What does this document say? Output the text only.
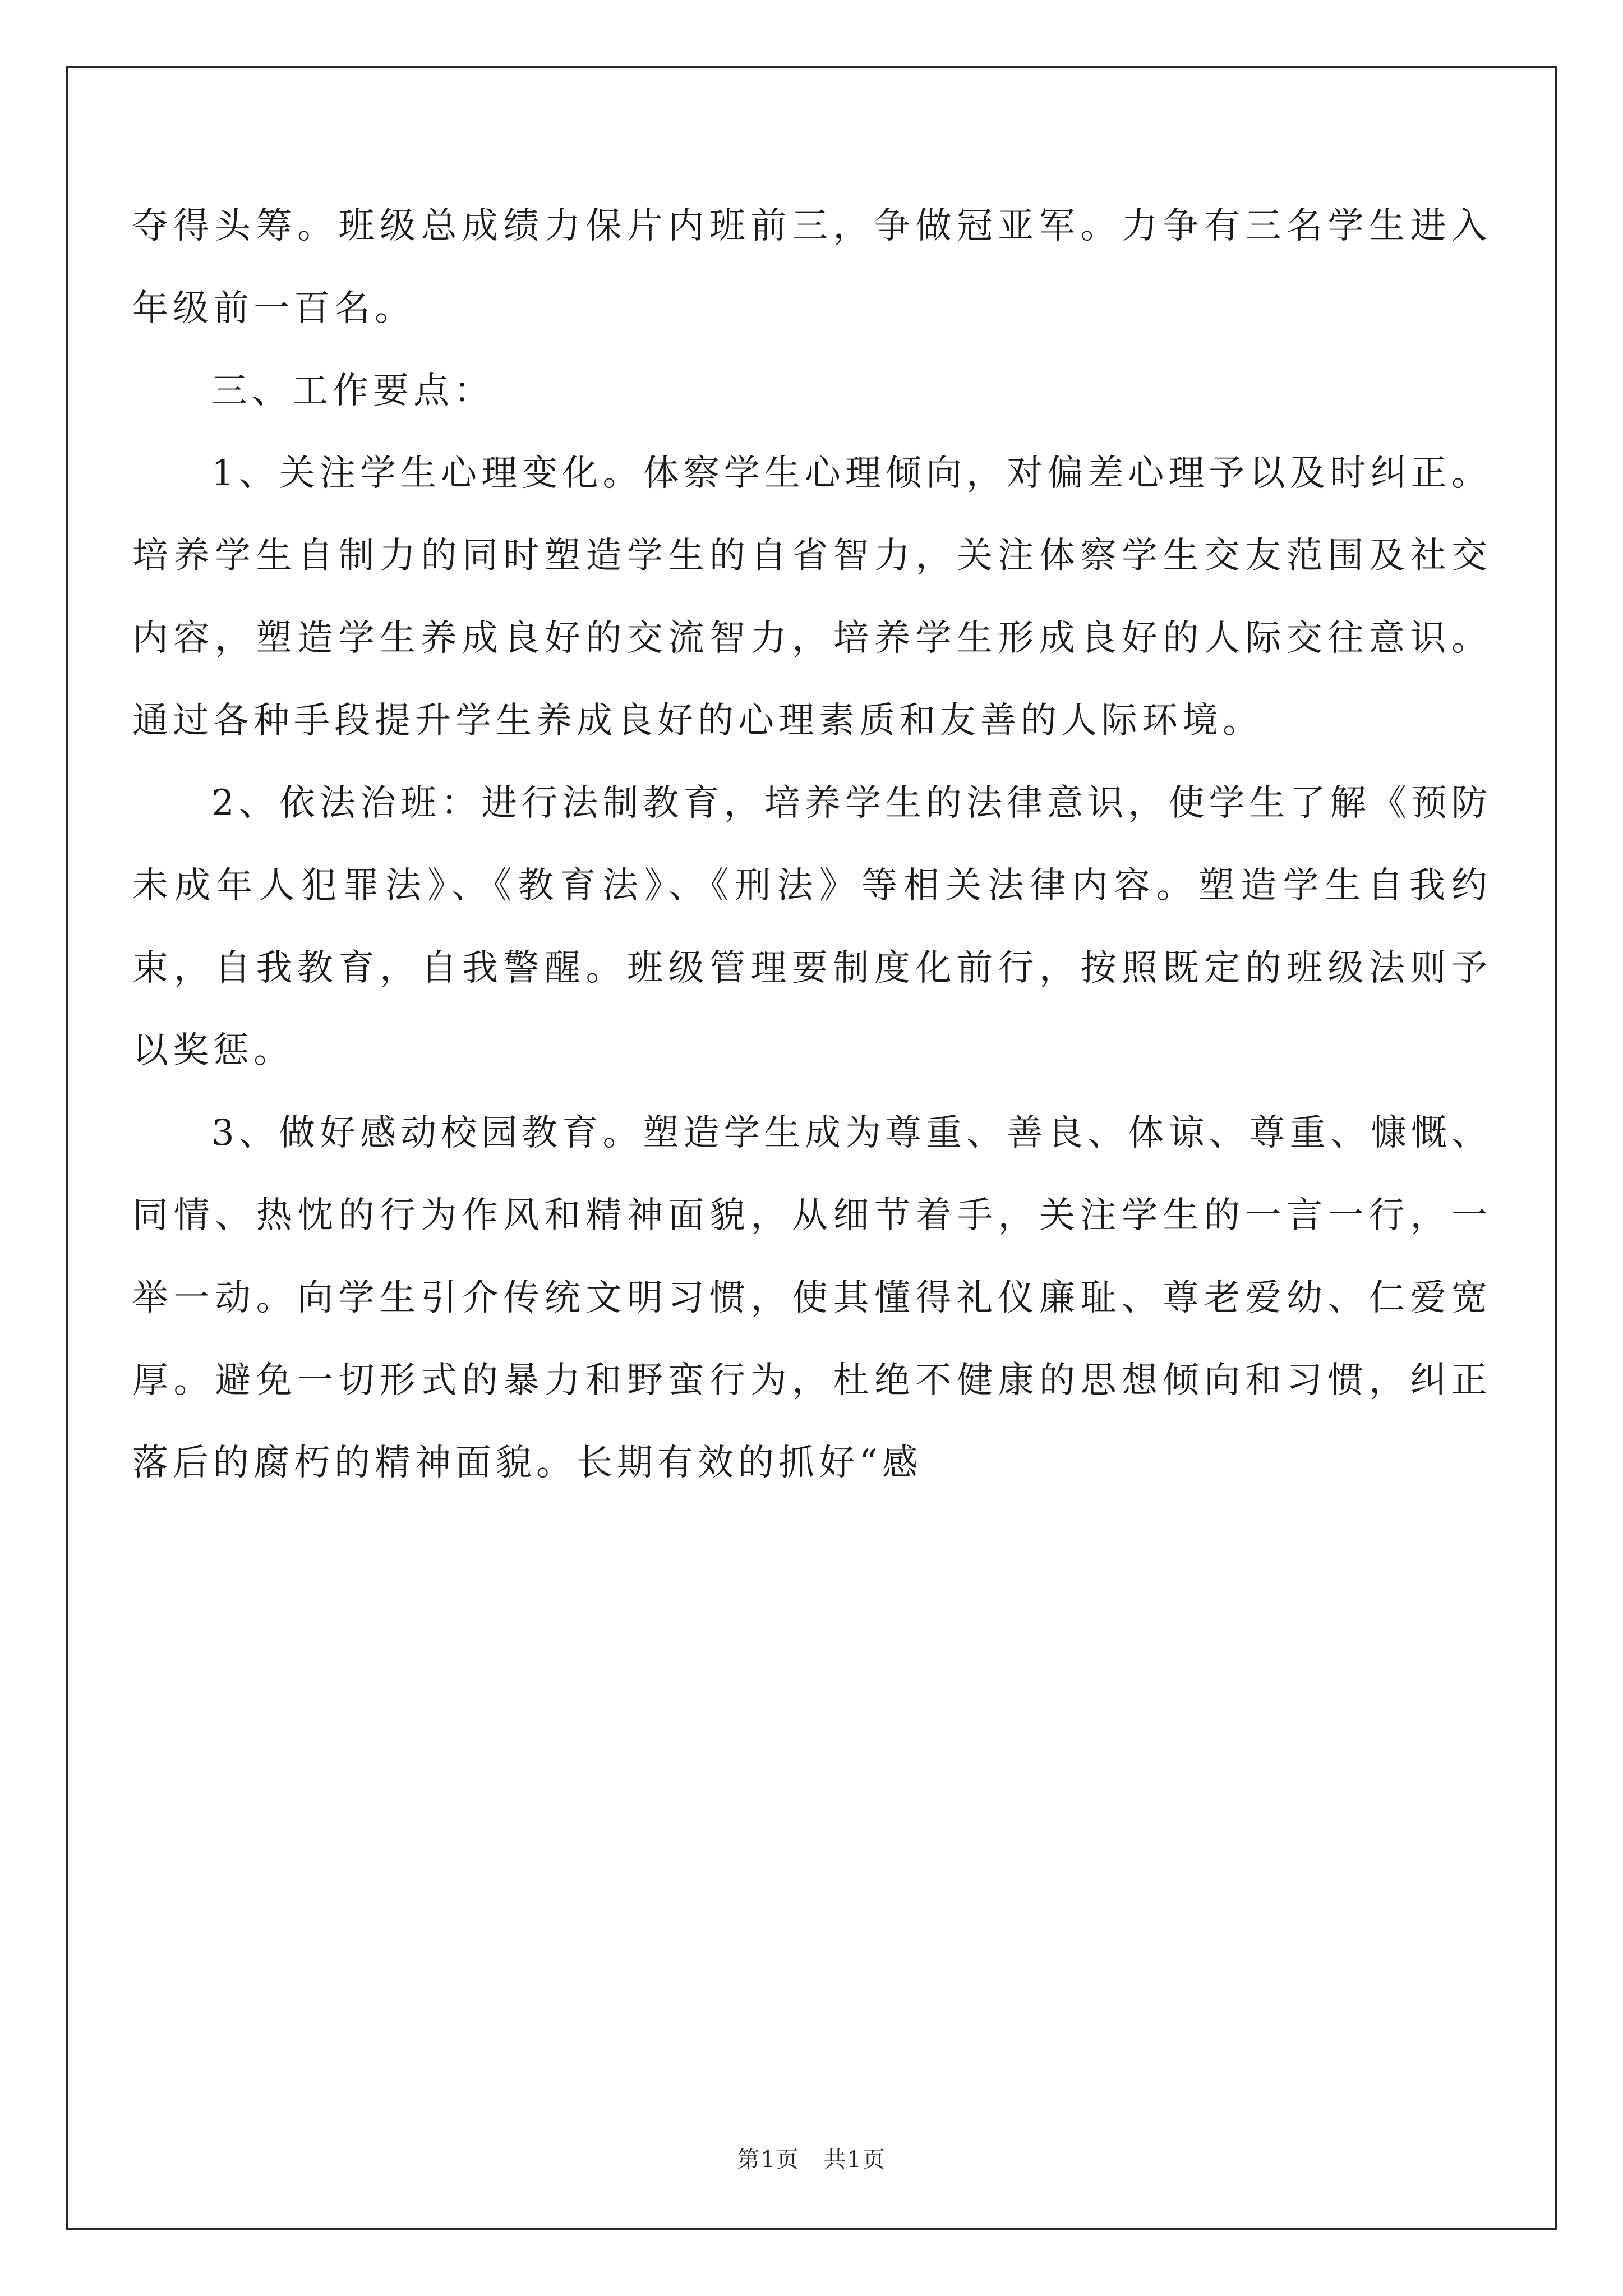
夺得头筹。班级总成绩力保片内班前三，争做冠亚军。力争有三名学生进入年级前一百名。

三、工作要点：

1、关注学生心理变化。体察学生心理倾向，对偏差心理予以及时纠正。培养学生自制力的同时塑造学生的自省智力，关注体察学生交友范围及社交内容，塑造学生养成良好的交流智力，培养学生形成良好的人际交往意识。通过各种手段提升学生养成良好的心理素质和友善的人际环境。

2、依法治班：进行法制教育，培养学生的法律意识，使学生了解《预防未成年人犯罪法》、《教育法》、《刑法》等相关法律内容。塑造学生自我约束，自我教育，自我警醒。班级管理要制度化前行，按照既定的班级法则予以奖惩。

3、做好感动校园教育。塑造学生成为尊重、善良、体谅、尊重、慷慨、同情、热忱的行为作风和精神面貌，从细节着手，关注学生的一言一行，一举一动。向学生引介传统文明习惯，使其懂得礼仪廉耻、尊老爱幼、仁爱宽厚。避免一切形式的暴力和野蛮行为，杜绝不健康的思想倾向和习惯，纠正落后的腐朽的精神面貌。长期有效的抓好“感

第1页 共1页
